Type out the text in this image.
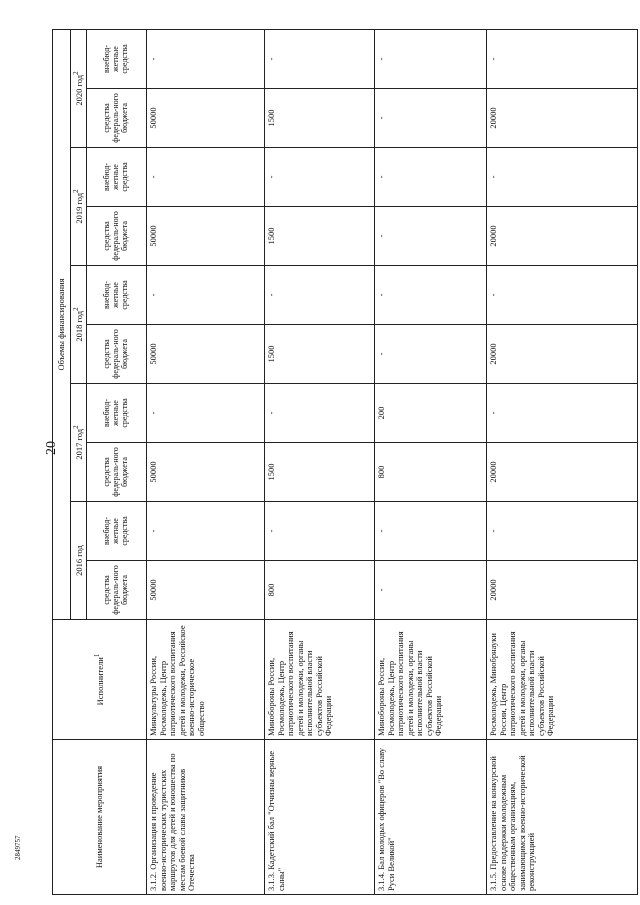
20
2849757	Наименование мероприятия	Исполнители$^1$	Объемы финансирования									
		2016 год		2017 год$^2$		2018 год$^2$		2019 год$^2$		2020 год$^2$
		средства федераль-ного бюджета	внебюд-жетные средства	средства федераль-ного бюджета	внебюд-жетные средства	средства федераль-ного бюджета	внебюд-жетные средства	средства федераль-ного бюджета	внебюд-жетные средства	средства федераль-ного бюджета	внебюд-жетные средства
3.1.2. Организация и проведение военно-исторических туристских маршрутов для детей и юношества по местам боевой славы защитников Отечества	Минкультуры России, Росмолодежь, Центр патриотического воспитания детей и молодежи, Российское военно-историческое общество	50000	-	50000	-	50000	-	50000	-	50000	-
3.1.3. Кадетский бал "Отчизны верные сыны"	Минобороны России, Росмолодежь, Центр патриотического воспитания детей и молодежи, органы исполнительной власти субъектов Российской Федерации	800	-	1500	-	1500	-	1500	-	1500	-
3.1.4. Бал молодых офицеров "Во славу Руси Великой"	Минобороны России, Росмолодежь, Центр патриотического воспитания детей и молодежи, органы исполнительной власти субъектов Российской Федерации	-	-	800	200	-	-	-	-	-	-
3.1.5. Предоставление на конкурсной основе поддержки молодежным общественным организациям, занимающимся военно-исторической реконструкцией	Росмолодежь, Минобрнауки России, Центр патриотического воспитания детей и молодежи, органы исполнительной власти субъектов Российской Федерации	20000	-	20000	-	20000	-	20000	-	20000	-
